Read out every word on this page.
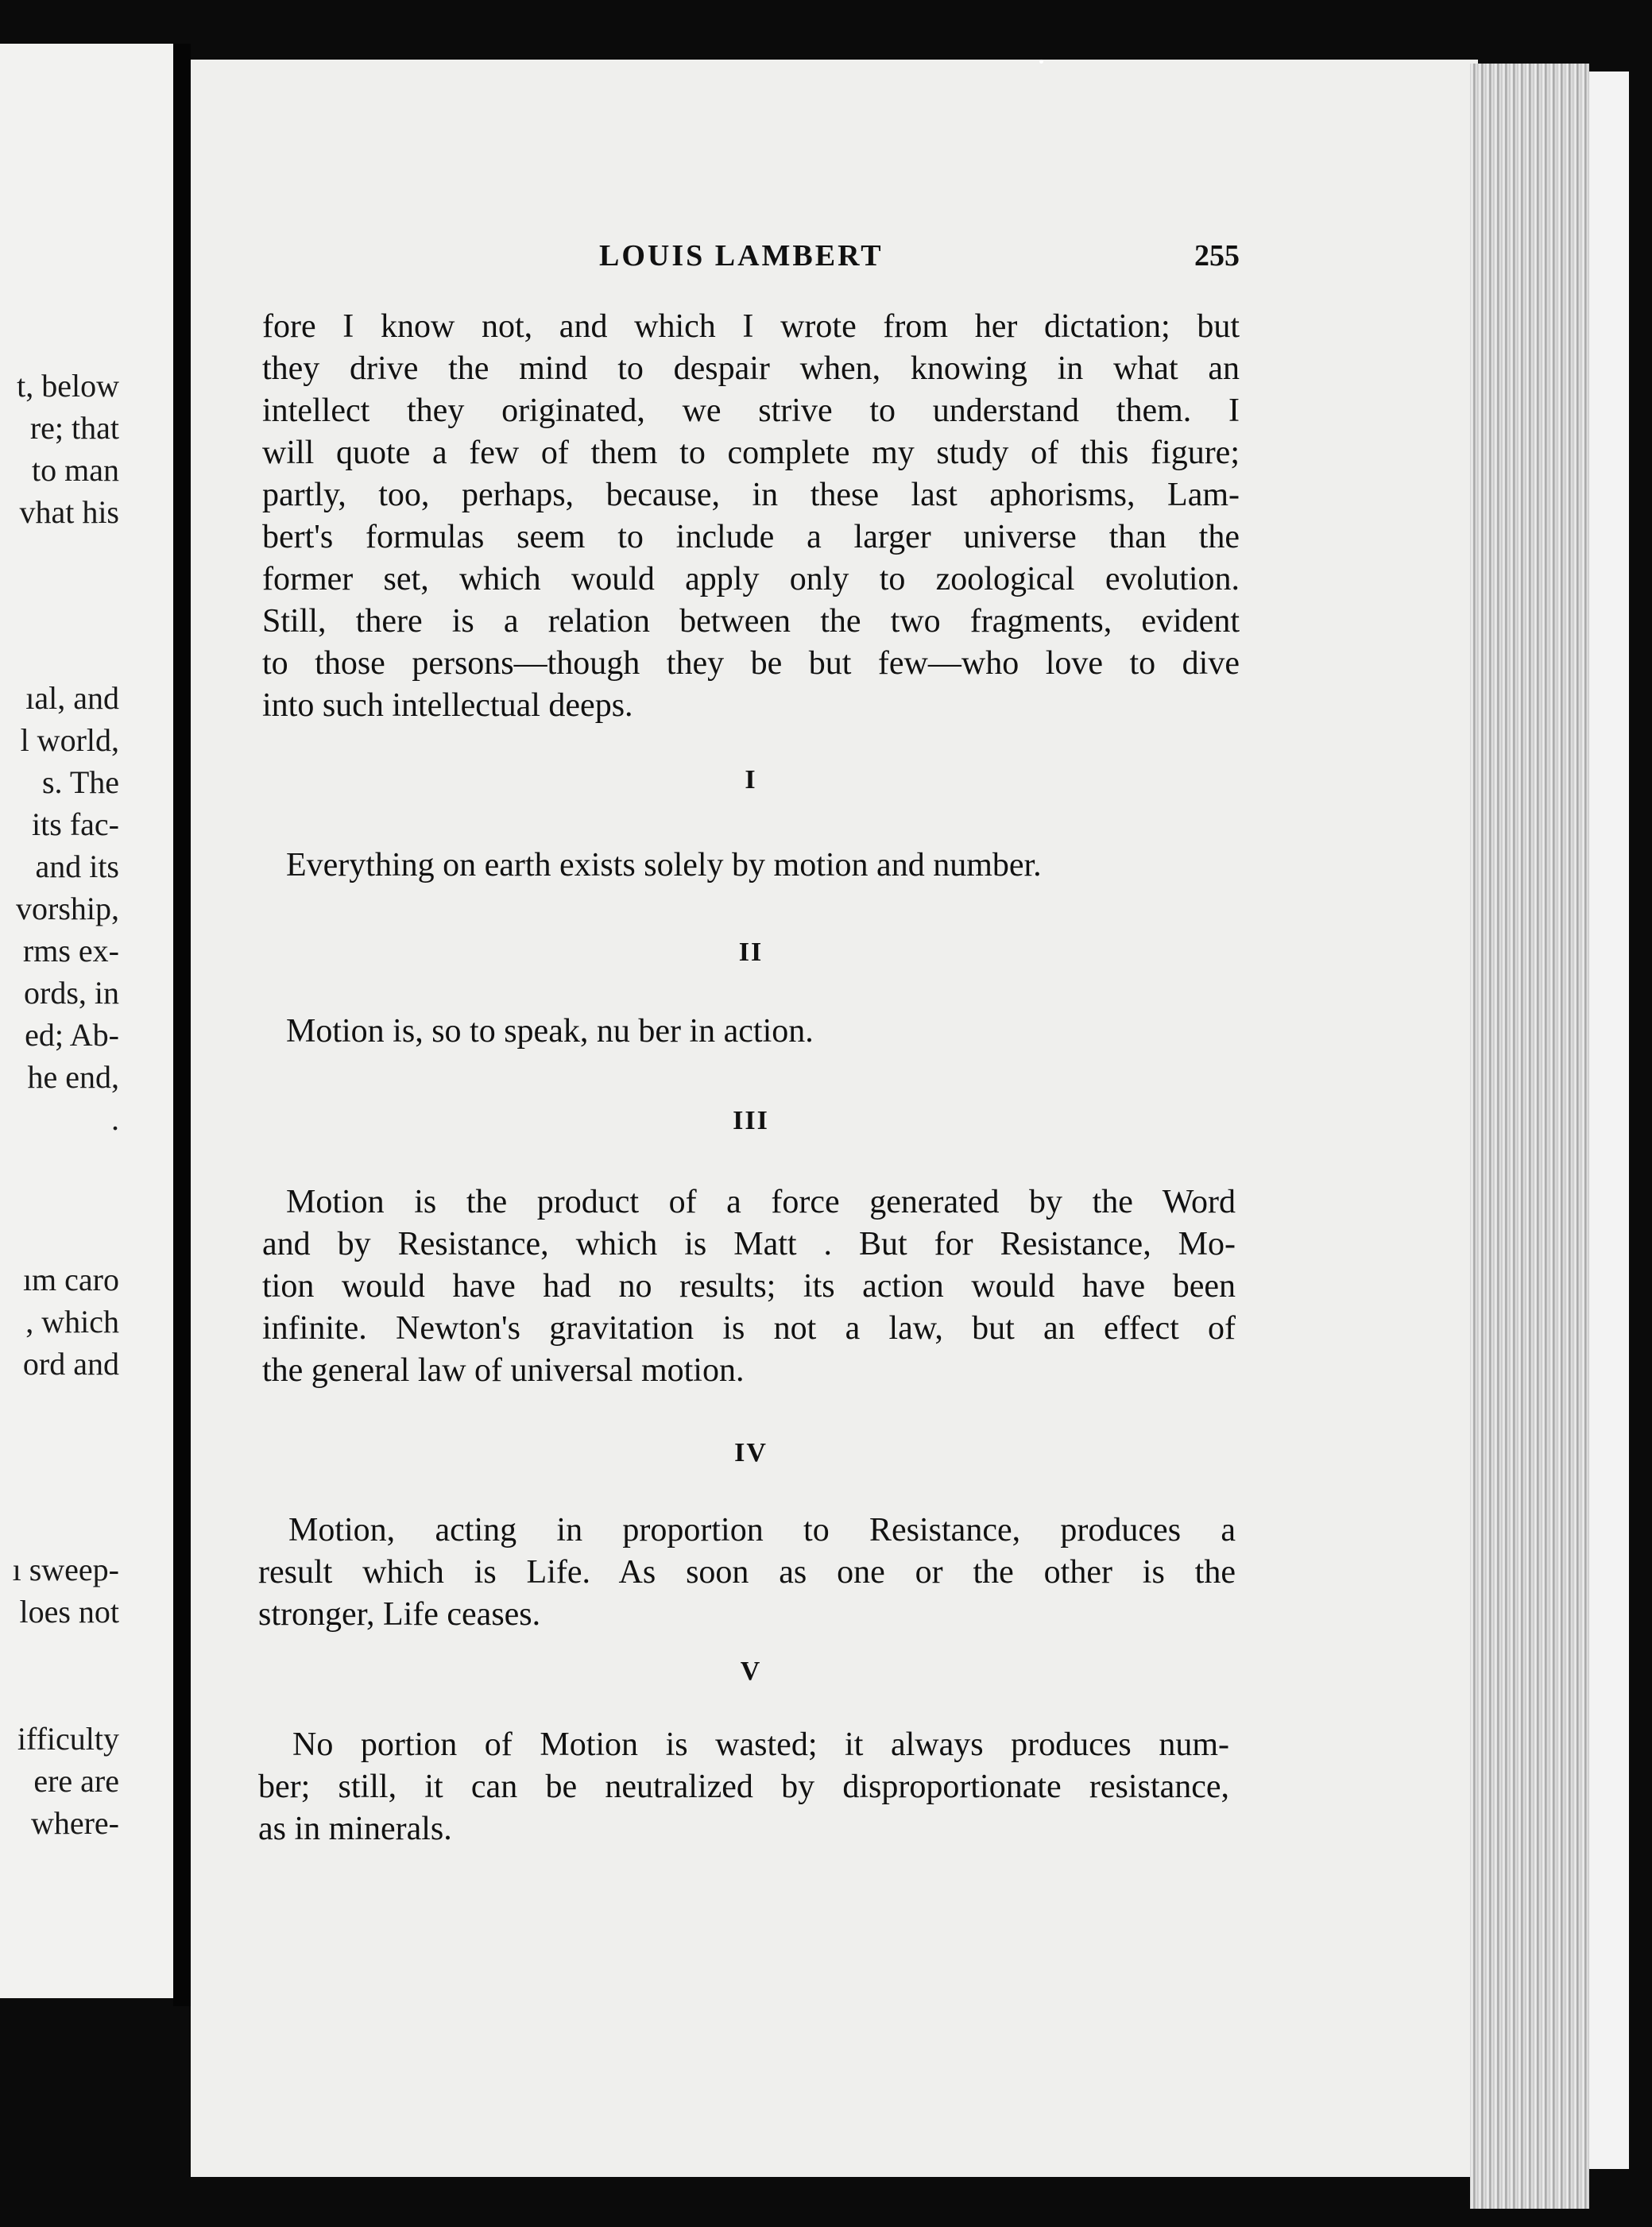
t, below
re; that
to man
vhat his
ıal, and
l world,
s. The
its fac-
and its
vorship,
rms ex-
ords, in
ed; Ab-
he end,
.
ım caro
, which
ord and
ı sweep-
loes not
ifficulty
ere are
where-
LOUIS LAMBERT	255
fore I know not, and which I wrote from her dictation; but
they drive the mind to despair when, knowing in what an
intellect they originated, we strive to understand them. I
will quote a few of them to complete my study of this figure;
partly, too, perhaps, because, in these last aphorisms, Lam-
bert's formulas seem to include a larger universe than the
former set, which would apply only to zoological evolution.
Still, there is a relation between the two fragments, evident
to those persons—though they be but few—who love to dive
into such intellectual deeps.
I
Everything on earth exists solely by motion and number.
II
Motion is, so to speak, nu ber in action.
III
Motion is the product of a force generated by the Word
and by Resistance, which is Matt . But for Resistance, Mo-
tion would have had no results; its action would have been
infinite. Newton's gravitation is not a law, but an effect of
the general law of universal motion.
IV
Motion, acting in proportion to Resistance, produces a
result which is Life. As soon as one or the other is the
stronger, Life ceases.
V
No portion of Motion is wasted; it always produces num-
ber; still, it can be neutralized by disproportionate resistance,
as in minerals.
